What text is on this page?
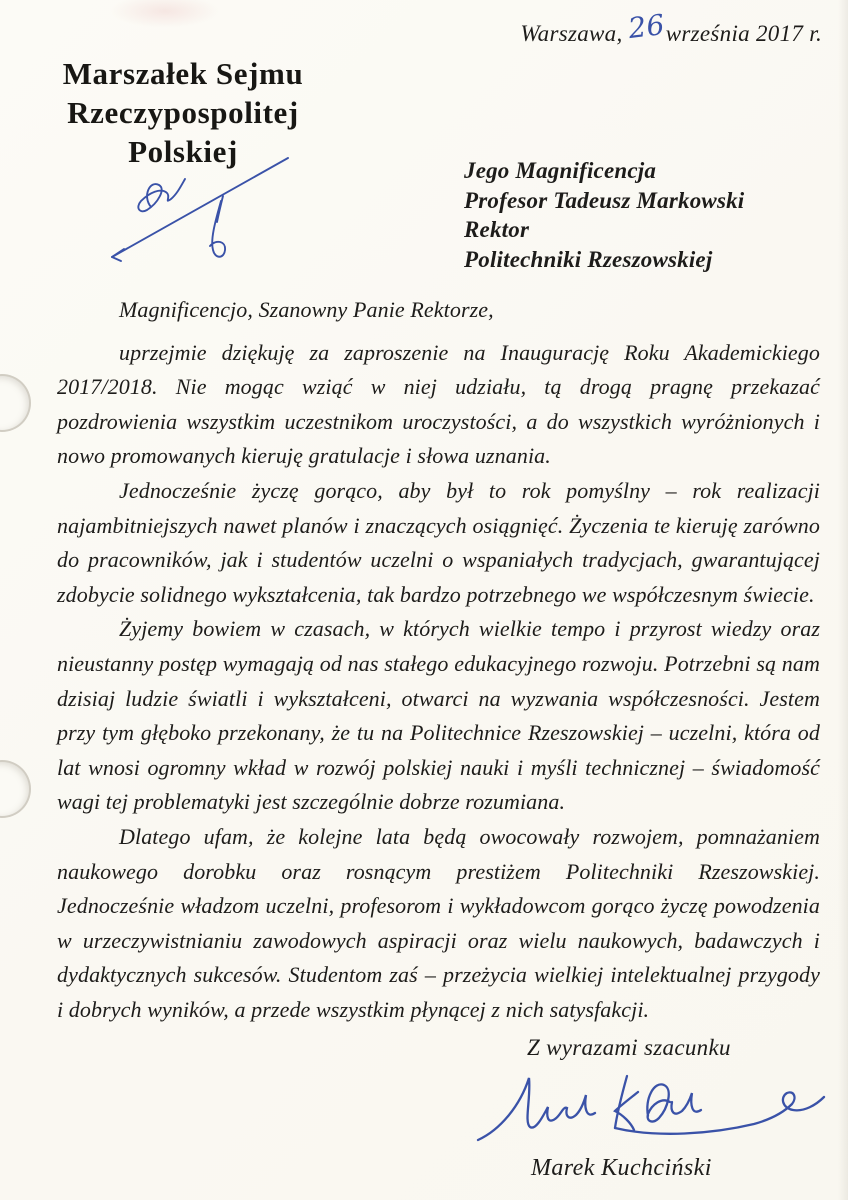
Warszawa, 26września 2017 r.
Marszałek Sejmu
Rzeczypospolitej Polskiej
Jego Magnificencja
Profesor Tadeusz Markowski
Rektor
Politechniki Rzeszowskiej
Magnificencjo, Szanowny Panie Rektorze,

uprzejmie dziękuję za zaproszenie na Inaugurację Roku Akademickiego 2017/2018. Nie mogąc wziąć w niej udziału, tą drogą pragnę przekazać pozdrowienia wszystkim uczestnikom uroczystości, a do wszystkich wyróżnionych i nowo promowanych kieruję gratulacje i słowa uznania.

Jednocześnie życzę gorąco, aby był to rok pomyślny – rok realizacji najambitniejszych nawet planów i znaczących osiągnięć. Życzenia te kieruję zarówno do pracowników, jak i studentów uczelni o wspaniałych tradycjach, gwarantującej zdobycie solidnego wykształcenia, tak bardzo potrzebnego we współczesnym świecie.

Żyjemy bowiem w czasach, w których wielkie tempo i przyrost wiedzy oraz nieustanny postęp wymagają od nas stałego edukacyjnego rozwoju. Potrzebni są nam dzisiaj ludzie światli i wykształceni, otwarci na wyzwania współczesności. Jestem przy tym głęboko przekonany, że tu na Politechnice Rzeszowskiej – uczelni, która od lat wnosi ogromny wkład w rozwój polskiej nauki i myśli technicznej – świadomość wagi tej problematyki jest szczególnie dobrze rozumiana.

Dlatego ufam, że kolejne lata będą owocowały rozwojem, pomnażaniem naukowego dorobku oraz rosnącym prestiżem Politechniki Rzeszowskiej. Jednocześnie władzom uczelni, profesorom i wykładowcom gorąco życzę powodzenia w urzeczywistnianiu zawodowych aspiracji oraz wielu naukowych, badawczych i dydaktycznych sukcesów. Studentom zaś – przeżycia wielkiej intelektualnej przygody i dobrych wyników, a przede wszystkim płynącej z nich satysfakcji.

Z wyrazami szacunku
Marek Kuchciński
